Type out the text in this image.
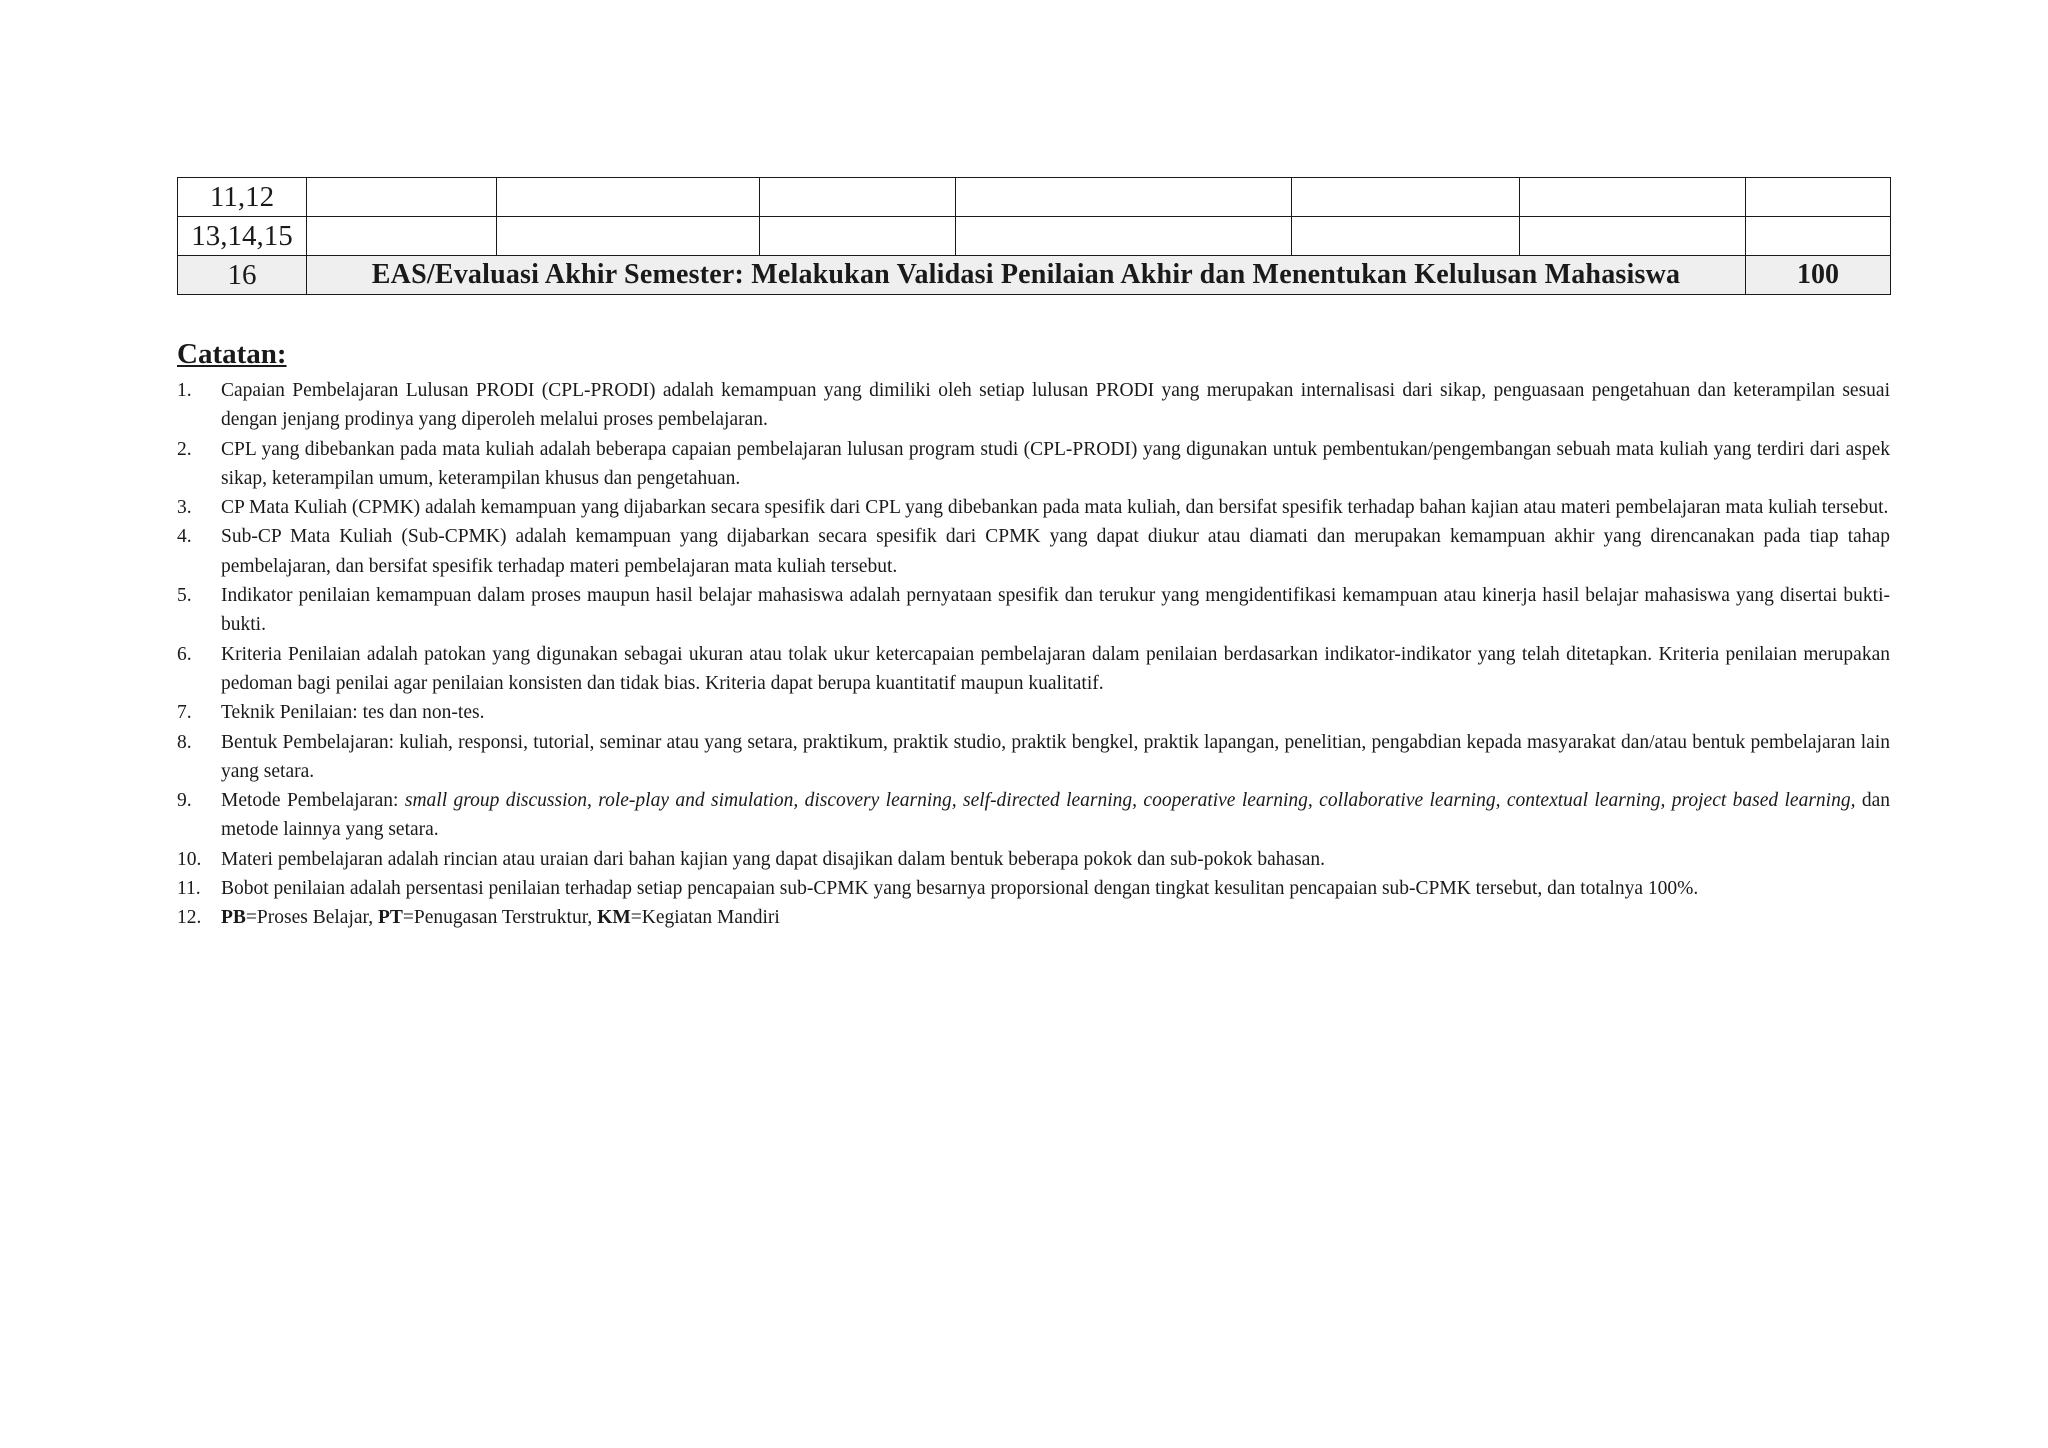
11,12							
13,14,15							
16	EAS/Evaluasi Akhir Semester: Melakukan Validasi Penilaian Akhir dan Menentukan Kelulusan Mahasiswa						100
Catatan:
1.	Capaian Pembelajaran Lulusan PRODI (CPL-PRODI) adalah kemampuan yang dimiliki oleh setiap lulusan PRODI yang merupakan internalisasi dari sikap, penguasaan pengetahuan dan keterampilan sesuai dengan jenjang prodinya yang diperoleh melalui proses pembelajaran.
2.	CPL yang dibebankan pada mata kuliah adalah beberapa capaian pembelajaran lulusan program studi (CPL-PRODI) yang digunakan untuk pembentukan/pengembangan sebuah mata kuliah yang terdiri dari aspek sikap, keterampilan umum, keterampilan khusus dan pengetahuan.
3.	CP Mata Kuliah (CPMK) adalah kemampuan yang dijabarkan secara spesifik dari CPL yang dibebankan pada mata kuliah, dan bersifat spesifik terhadap bahan kajian atau materi pembelajaran mata kuliah tersebut.
4.	Sub-CP Mata Kuliah (Sub-CPMK) adalah kemampuan yang dijabarkan secara spesifik dari CPMK yang dapat diukur atau diamati dan merupakan kemampuan akhir yang direncanakan pada tiap tahap pembelajaran, dan bersifat spesifik terhadap materi pembelajaran mata kuliah tersebut.
5.	Indikator penilaian kemampuan dalam proses maupun hasil belajar mahasiswa adalah pernyataan spesifik dan terukur yang mengidentifikasi kemampuan atau kinerja hasil belajar mahasiswa yang disertai bukti-bukti.
6.	Kriteria Penilaian adalah patokan yang digunakan sebagai ukuran atau tolak ukur ketercapaian pembelajaran dalam penilaian berdasarkan indikator-indikator yang telah ditetapkan. Kriteria penilaian merupakan pedoman bagi penilai agar penilaian konsisten dan tidak bias. Kriteria dapat berupa kuantitatif maupun kualitatif.
7.	Teknik Penilaian: tes dan non-tes.
8.	Bentuk Pembelajaran: kuliah, responsi, tutorial, seminar atau yang setara, praktikum, praktik studio, praktik bengkel, praktik lapangan, penelitian, pengabdian kepada masyarakat dan/atau bentuk pembelajaran lain yang setara.
9.	Metode Pembelajaran: small group discussion, role-play and simulation, discovery learning, self-directed learning, cooperative learning, collaborative learning, contextual learning, project based learning, dan metode lainnya yang setara.
10.	Materi pembelajaran adalah rincian atau uraian dari bahan kajian yang dapat disajikan dalam bentuk beberapa pokok dan sub-pokok bahasan.
11.	Bobot penilaian adalah persentasi penilaian terhadap setiap pencapaian sub-CPMK yang besarnya proporsional dengan tingkat kesulitan pencapaian sub-CPMK tersebut, dan totalnya 100%.
12.	PB=Proses Belajar, PT=Penugasan Terstruktur, KM=Kegiatan Mandiri
